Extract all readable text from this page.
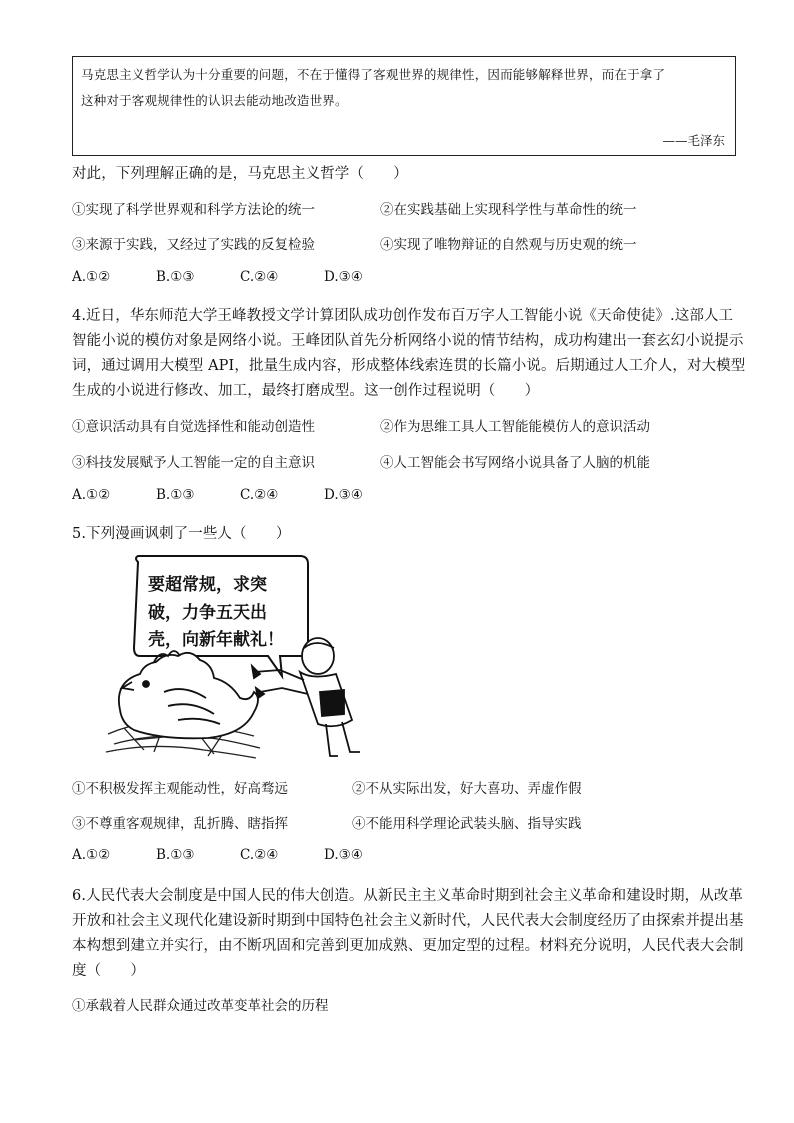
马克思主义哲学认为十分重要的问题，不在于懂得了客观世界的规律性，因而能够解释世界，而在于拿了
这种对于客观规律性的认识去能动地改造世界。
——毛泽东
对此，下列理解正确的是，马克思主义哲学（　　）
①实现了科学世界观和科学方法论的统一	②在实践基础上实现科学性与革命性的统一
③来源于实践，又经过了实践的反复检验	④实现了唯物辩证的自然观与历史观的统一
A.①②	B.①③	C.②④	D.③④
4.近日，华东师范大学王峰教授文学计算团队成功创作发布百万字人工智能小说《天命使徒》.这部人工
智能小说的模仿对象是网络小说。王峰团队首先分析网络小说的情节结构，成功构建出一套玄幻小说提示
词，通过调用大模型 API，批量生成内容，形成整体线索连贯的长篇小说。后期通过人工介人，对大模型
生成的小说进行修改、加工，最终打磨成型。这一创作过程说明（　　）
①意识活动具有自觉选择性和能动创造性	②作为思维工具人工智能能模仿人的意识活动
③科技发展赋予人工智能一定的自主意识	④人工智能会书写网络小说具备了人脑的机能
A.①②	B.①③	C.②④	D.③④
5.下列漫画讽刺了一些人（　　）
要超常规，求突
破，力争五天出
壳，向新年献礼！
①不积极发挥主观能动性，好高骛远	②不从实际出发，好大喜功、弄虚作假
③不尊重客观规律，乱折腾、瞎指挥	④不能用科学理论武装头脑、指导实践
A.①②	B.①③	C.②④	D.③④
6.人民代表大会制度是中国人民的伟大创造。从新民主主义革命时期到社会主义革命和建设时期，从改革
开放和社会主义现代化建设新时期到中国特色社会主义新时代，人民代表大会制度经历了由探索并提出基
本构想到建立并实行，由不断巩固和完善到更加成熟、更加定型的过程。材料充分说明，人民代表大会制
度（　　）
①承载着人民群众通过改革变革社会的历程
